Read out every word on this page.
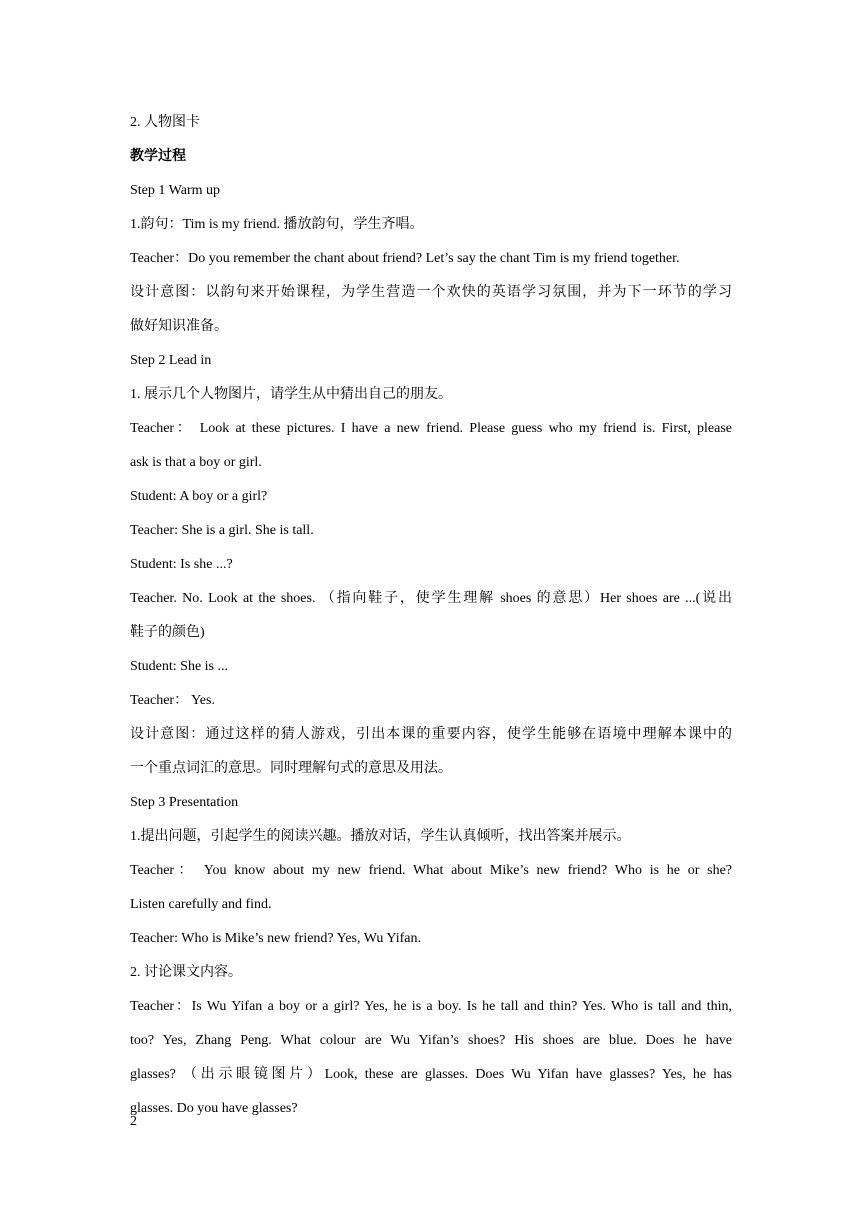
2. 人物图卡
教学过程
Step 1 Warm up
1.韵句：Tim is my friend. 播放韵句，学生齐唱。
Teacher：Do you remember the chant about friend? Let’s say the chant Tim is my friend together.
设计意图：以韵句来开始课程，为学生营造一个欢快的英语学习氛围，并为下一环节的学习
做好知识准备。
Step 2 Lead in
1. 展示几个人物图片，请学生从中猜出自己的朋友。
Teacher： Look at these pictures. I have a new friend. Please guess who my friend is. First, please
ask is that a boy or girl.
Student: A boy or a girl?
Teacher: She is a girl. She is tall.
Student: Is she ...?
Teacher. No. Look at the shoes. （指向鞋子，使学生理解 shoes 的意思）Her shoes are ...(说出
鞋子的颜色)
Student: She is ...
Teacher： Yes.
设计意图：通过这样的猜人游戏，引出本课的重要内容，使学生能够在语境中理解本课中的
一个重点词汇的意思。同时理解句式的意思及用法。
Step 3 Presentation
1.提出问题，引起学生的阅读兴趣。播放对话，学生认真倾听，找出答案并展示。
Teacher： You know about my new friend. What about Mike’s new friend? Who is he or she?
Listen carefully and find.
Teacher: Who is Mike’s new friend? Yes, Wu Yifan.
2. 讨论课文内容。
Teacher：Is Wu Yifan a boy or a girl? Yes, he is a boy. Is he tall and thin? Yes. Who is tall and thin,
too? Yes, Zhang Peng. What colour are Wu Yifan’s shoes? His shoes are blue. Does he have
glasses? （出示眼镜图片）Look, these are glasses. Does Wu Yifan have glasses? Yes, he has
glasses. Do you have glasses?
2
